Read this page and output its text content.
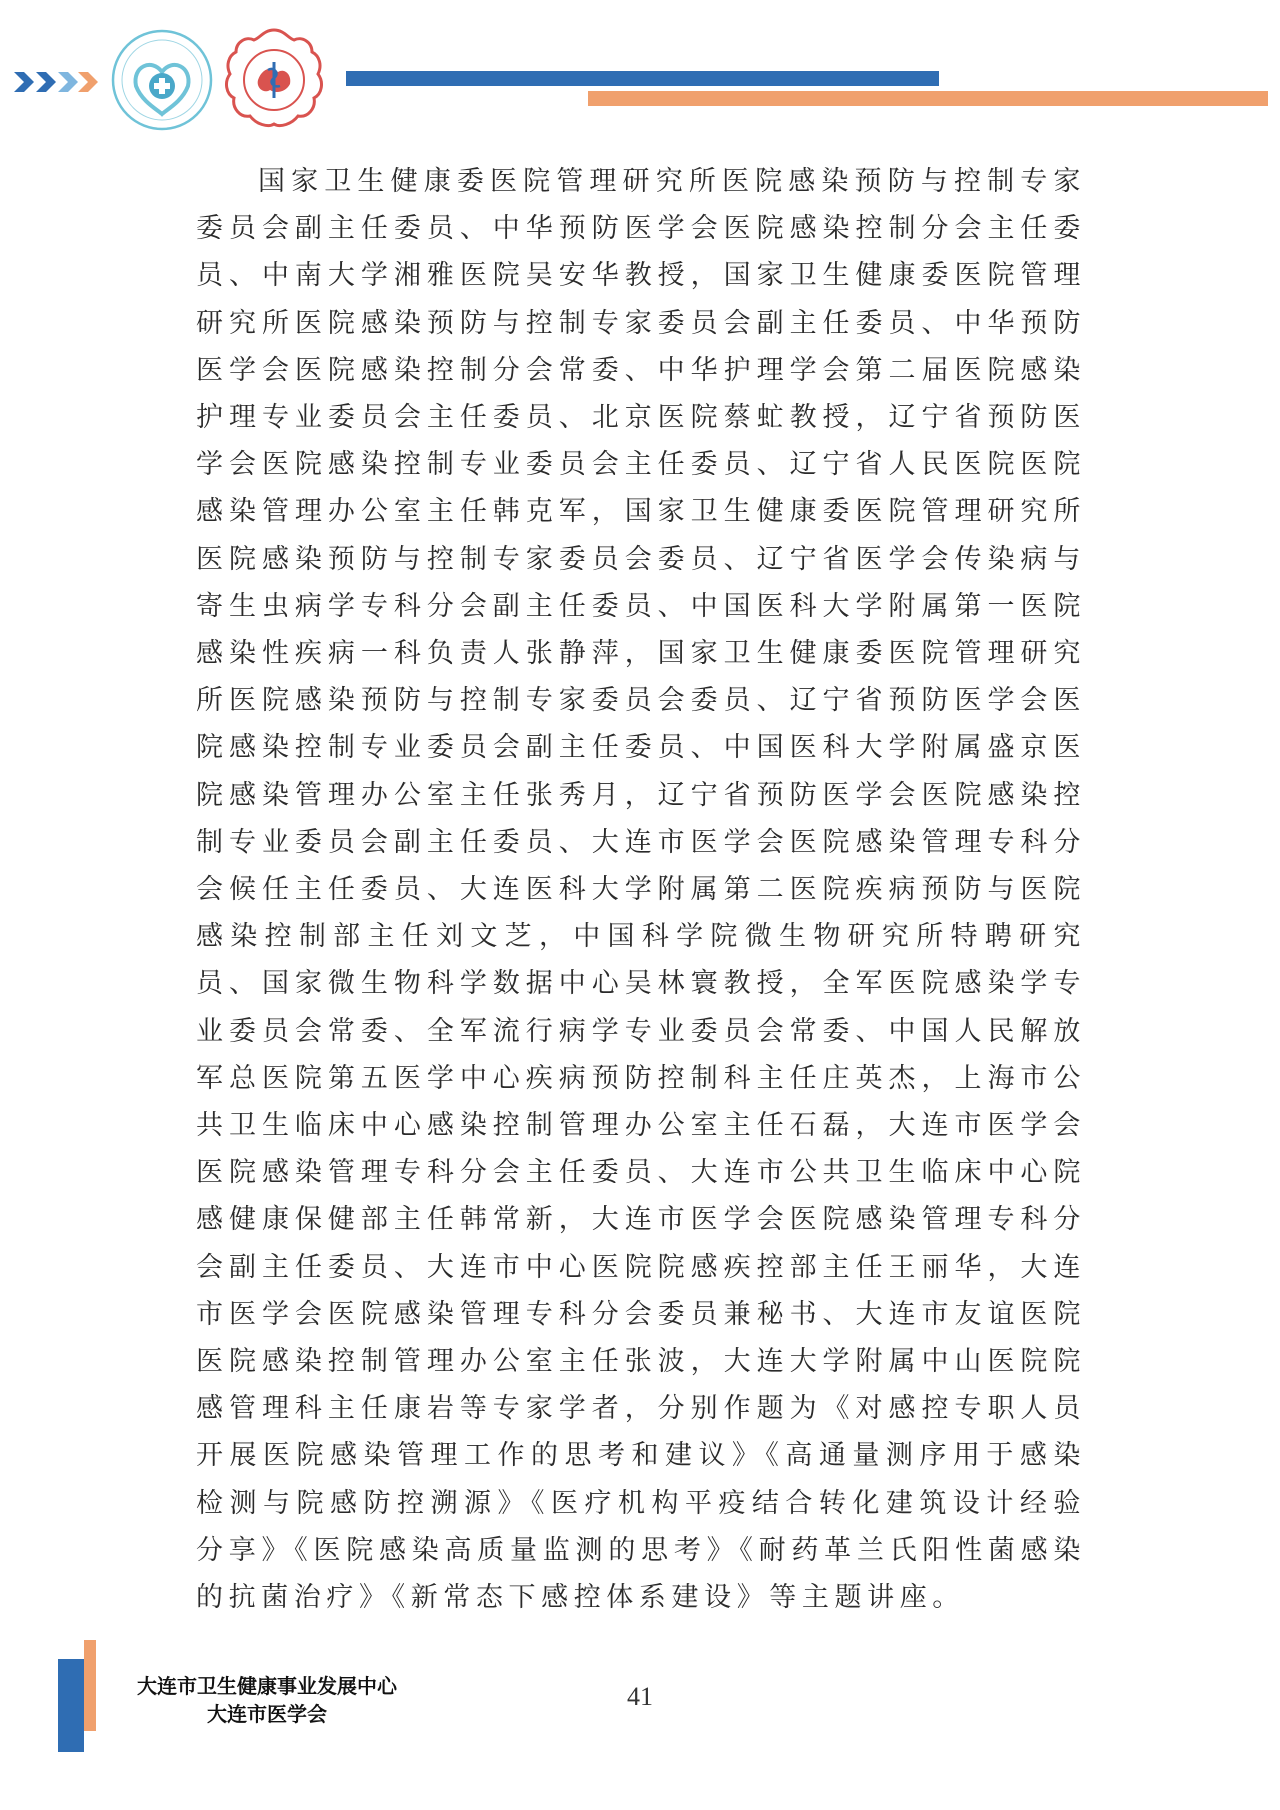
国家卫生健康委医院管理研究所医院感染预防与控制专家委员会副主任委员、中华预防医学会医院感染控制分会主任委员、中南大学湘雅医院吴安华教授，国家卫生健康委医院管理研究所医院感染预防与控制专家委员会副主任委员、中华预防医学会医院感染控制分会常委、中华护理学会第二届医院感染护理专业委员会主任委员、北京医院蔡虻教授，辽宁省预防医学会医院感染控制专业委员会主任委员、辽宁省人民医院医院感染管理办公室主任韩克军，国家卫生健康委医院管理研究所医院感染预防与控制专家委员会委员、辽宁省医学会传染病与寄生虫病学专科分会副主任委员、中国医科大学附属第一医院感染性疾病一科负责人张静萍，国家卫生健康委医院管理研究所医院感染预防与控制专家委员会委员、辽宁省预防医学会医院感染控制专业委员会副主任委员、中国医科大学附属盛京医院感染管理办公室主任张秀月，辽宁省预防医学会医院感染控制专业委员会副主任委员、大连市医学会医院感染管理专科分会候任主任委员、大连医科大学附属第二医院疾病预防与医院感染控制部主任刘文芝，中国科学院微生物研究所特聘研究员、国家微生物科学数据中心吴林寰教授，全军医院感染学专业委员会常委、全军流行病学专业委员会常委、中国人民解放军总医院第五医学中心疾病预防控制科主任庄英杰，上海市公共卫生临床中心感染控制管理办公室主任石磊，大连市医学会医院感染管理专科分会主任委员、大连市公共卫生临床中心院感健康保健部主任韩常新，大连市医学会医院感染管理专科分会副主任委员、大连市中心医院院感疾控部主任王丽华，大连市医学会医院感染管理专科分会委员兼秘书、大连市友谊医院医院感染控制管理办公室主任张波，大连大学附属中山医院院感管理科主任康岩等专家学者，分别作题为《对感控专职人员开展医院感染管理工作的思考和建议》《高通量测序用于感染检测与院感防控溯源》《医疗机构平疫结合转化建筑设计经验分享》《医院感染高质量监测的思考》《耐药革兰氏阳性菌感染的抗菌治疗》《新常态下感控体系建设》等主题讲座。

大连市卫生健康事业发展中心
大连市医学会
41
